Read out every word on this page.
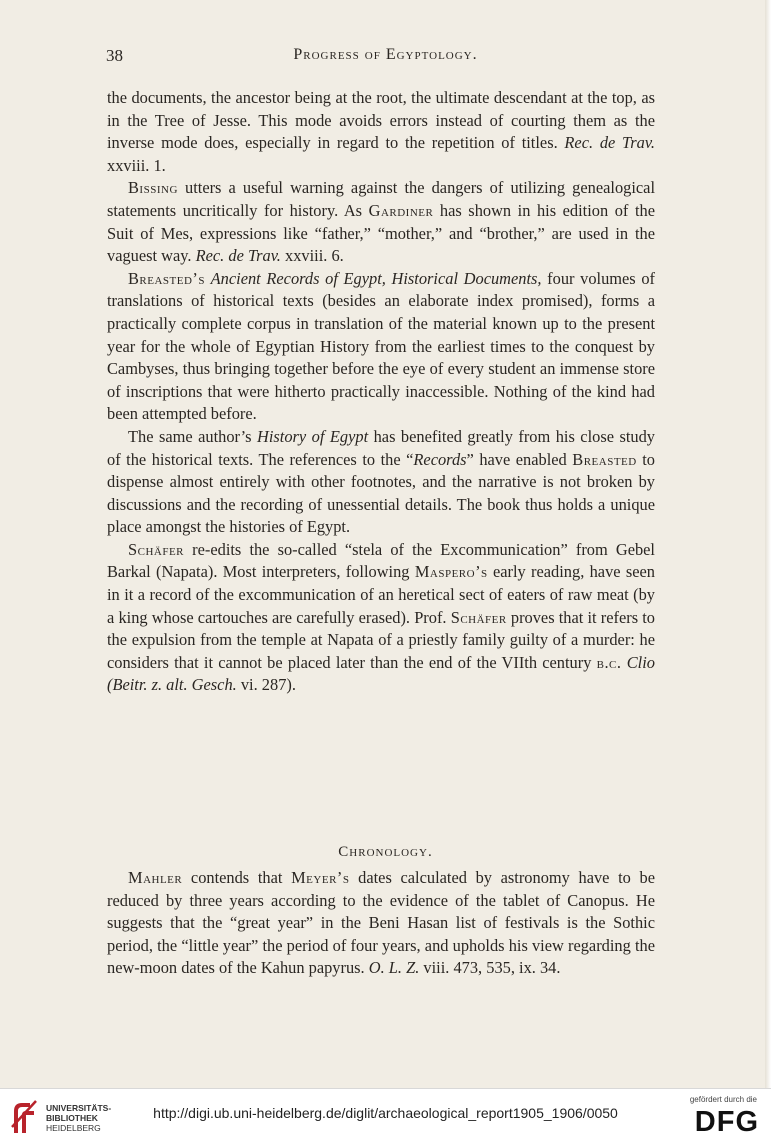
38	Progress of Egyptology.

the documents, the ancestor being at the root, the ultimate descendant at the top, as in the Tree of Jesse. This mode avoids errors instead of courting them as the inverse mode does, especially in regard to the repetition of titles. Rec. de Trav. xxviii. 1.

Bissing utters a useful warning against the dangers of utilizing genealogical statements uncritically for history. As Gardiner has shown in his edition of the Suit of Mes, expressions like “father,” “mother,” and “brother,” are used in the vaguest way. Rec. de Trav. xxviii. 6.

Breasted’s Ancient Records of Egypt, Historical Documents, four volumes of translations of historical texts (besides an elaborate index promised), forms a practically complete corpus in translation of the material known up to the present year for the whole of Egyptian History from the earliest times to the conquest by Cambyses, thus bringing together before the eye of every student an immense store of inscriptions that were hitherto practically inaccessible. Nothing of the kind had been attempted before.

The same author’s History of Egypt has benefited greatly from his close study of the historical texts. The references to the “Records” have enabled Breasted to dispense almost entirely with other footnotes, and the narrative is not broken by discussions and the recording of unessential details. The book thus holds a unique place amongst the histories of Egypt.

Schäfer re-edits the so-called “stela of the Excommunication” from Gebel Barkal (Napata). Most interpreters, following Maspero’s early reading, have seen in it a record of the excommunication of an heretical sect of eaters of raw meat (by a king whose cartouches are carefully erased). Prof. Schäfer proves that it refers to the expulsion from the temple at Napata of a priestly family guilty of a murder: he considers that it cannot be placed later than the end of the VIIth century b.c. Clio (Beitr. z. alt. Gesch. vi. 287).

Chronology.

Mahler contends that Meyer’s dates calculated by astronomy have to be reduced by three years according to the evidence of the tablet of Canopus. He suggests that the “great year” in the Beni Hasan list of festivals is the Sothic period, the “little year” the period of four years, and upholds his view regarding the new-moon dates of the Kahun papyrus. O. L. Z. viii. 473, 535, ix. 34.

UNIVERSITÄTS-
BIBLIOTHEK
HEIDELBERG
http://digi.ub.uni-heidelberg.de/diglit/archaeological_report1905_1906/0050
gefördert durch die
DFG
